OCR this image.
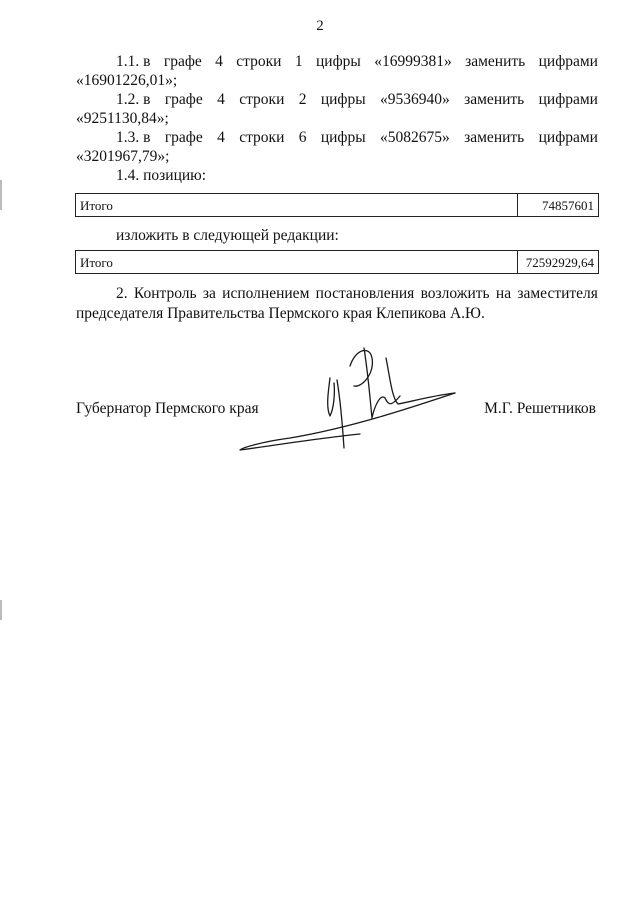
2
1.1. в графе 4 строки 1 цифры «16999381» заменить цифрами
«16901226,01»;
1.2. в графе 4 строки 2 цифры «9536940» заменить цифрами
«9251130,84»;
1.3. в графе 4 строки 6 цифры «5082675» заменить цифрами
«3201967,79»;
1.4. позицию:
Итого	74857601
изложить в следующей редакции:
Итого	72592929,64
2. Контроль за исполнением постановления возложить на заместителя
председателя Правительства Пермского края Клепикова А.Ю.
Губернатор Пермского края	М.Г. Решетников
